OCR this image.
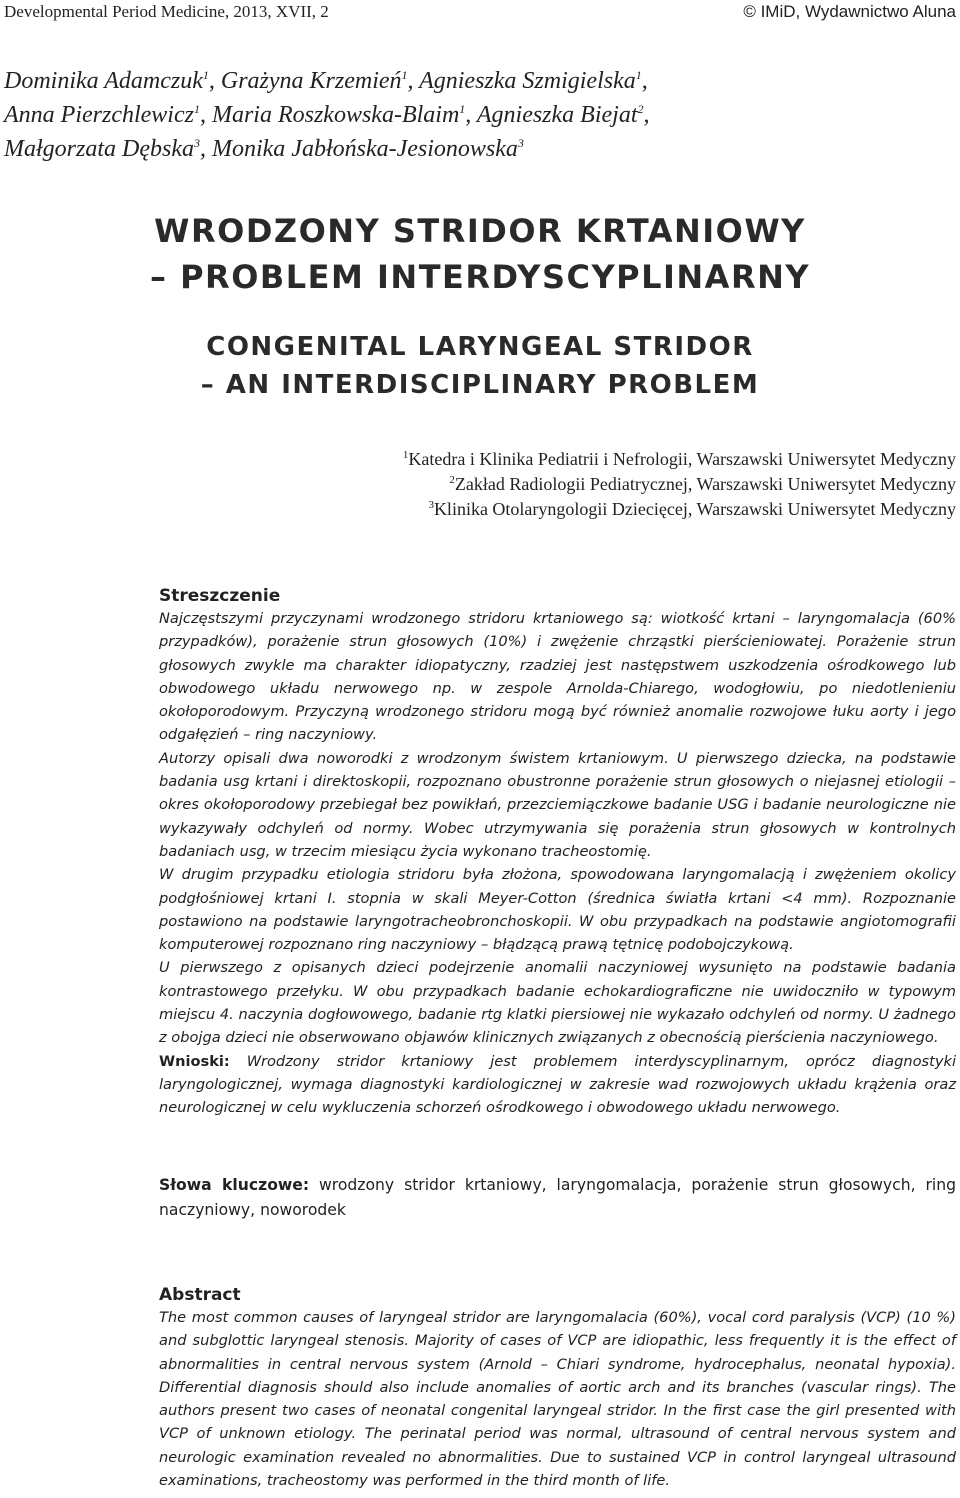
Developmental Period Medicine, 2013, XVII, 2	© IMiD, Wydawnictwo Aluna
Dominika Adamczuk$^1$, Grażyna Krzemień$^1$, Agnieszka Szmigielska$^1$,
Anna Pierzchlewicz$^1$, Maria Roszkowska-Blaim$^1$, Agnieszka Biejat$^2$,
Małgorzata Dębska$^3$, Monika Jabłońska-Jesionowska$^3$
WRODZONY STRIDOR KRTANIOWY
– PROBLEM INTERDYSCYPLINARNY
CONGENITAL LARYNGEAL STRIDOR
– AN INTERDISCIPLINARY PROBLEM
$^1$Katedra i Klinika Pediatrii i Nefrologii, Warszawski Uniwersytet Medyczny
$^2$Zakład Radiologii Pediatrycznej, Warszawski Uniwersytet Medyczny
$^3$Klinika Otolaryngologii Dziecięcej, Warszawski Uniwersytet Medyczny
Streszczenie

Najczęstszymi przyczynami wrodzonego stridoru krtaniowego są: wiotkość krtani – laryngomalacja (60% przypadków), porażenie strun głosowych (10%) i zwężenie chrząstki pierścieniowatej. Porażenie strun głosowych zwykle ma charakter idiopatyczny, rzadziej jest następstwem uszkodzenia ośrodkowego lub obwodowego układu nerwowego np. w zespole Arnolda-Chiarego, wodogłowiu, po niedotlenieniu okołoporodowym. Przyczyną wrodzonego stridoru mogą być również anomalie rozwojowe łuku aorty i jego odgałęzień – ring naczyniowy.

Autorzy opisali dwa noworodki z wrodzonym świstem krtaniowym. U pierwszego dziecka, na podstawie badania usg krtani i direktoskopii, rozpoznano obustronne porażenie strun głosowych o niejasnej etiologii – okres okołoporodowy przebiegał bez powikłań, przezciemiączkowe badanie USG i badanie neurologiczne nie wykazywały odchyleń od normy. Wobec utrzymywania się porażenia strun głosowych w kontrolnych badaniach usg, w trzecim miesiącu życia wykonano tracheostomię.

W drugim przypadku etiologia stridoru była złożona, spowodowana laryngomalacją i zwężeniem okolicy podgłośniowej krtani I. stopnia w skali Meyer-Cotton (średnica światła krtani <4 mm). Rozpoznanie postawiono na podstawie laryngotracheobronchoskopii. W obu przypadkach na podstawie angiotomografii komputerowej rozpoznano ring naczyniowy – błądzącą prawą tętnicę podobojczykową.

U pierwszego z opisanych dzieci podejrzenie anomalii naczyniowej wysunięto na podstawie badania kontrastowego przełyku. W obu przypadkach badanie echokardiograficzne nie uwidoczniło w typowym miejscu 4. naczynia dogłowowego, badanie rtg klatki piersiowej nie wykazało odchyleń od normy. U żadnego z obojga dzieci nie obserwowano objawów klinicznych związanych z obecnością pierścienia naczyniowego.

Wnioski: Wrodzony stridor krtaniowy jest problemem interdyscyplinarnym, oprócz diagnostyki laryngologicznej, wymaga diagnostyki kardiologicznej w zakresie wad rozwojowych układu krążenia oraz neurologicznej w celu wykluczenia schorzeń ośrodkowego i obwodowego układu nerwowego.

Słowa kluczowe: wrodzony stridor krtaniowy, laryngomalacja, porażenie strun głosowych, ring naczyniowy, noworodek

Abstract

The most common causes of laryngeal stridor are laryngomalacia (60%), vocal cord paralysis (VCP) (10 %) and subglottic laryngeal stenosis. Majority of cases of VCP are idiopathic, less frequently it is the effect of abnormalities in central nervous system (Arnold – Chiari syndrome, hydrocephalus, neonatal hypoxia). Differential diagnosis should also include anomalies of aortic arch and its branches (vascular rings). The authors present two cases of neonatal congenital laryngeal stridor. In the first case the girl presented with VCP of unknown etiology. The perinatal period was normal, ultrasound of central nervous system and neurologic examination revealed no abnormalities. Due to sustained VCP in control laryngeal ultrasound examinations, tracheostomy was performed in the third month of life.
